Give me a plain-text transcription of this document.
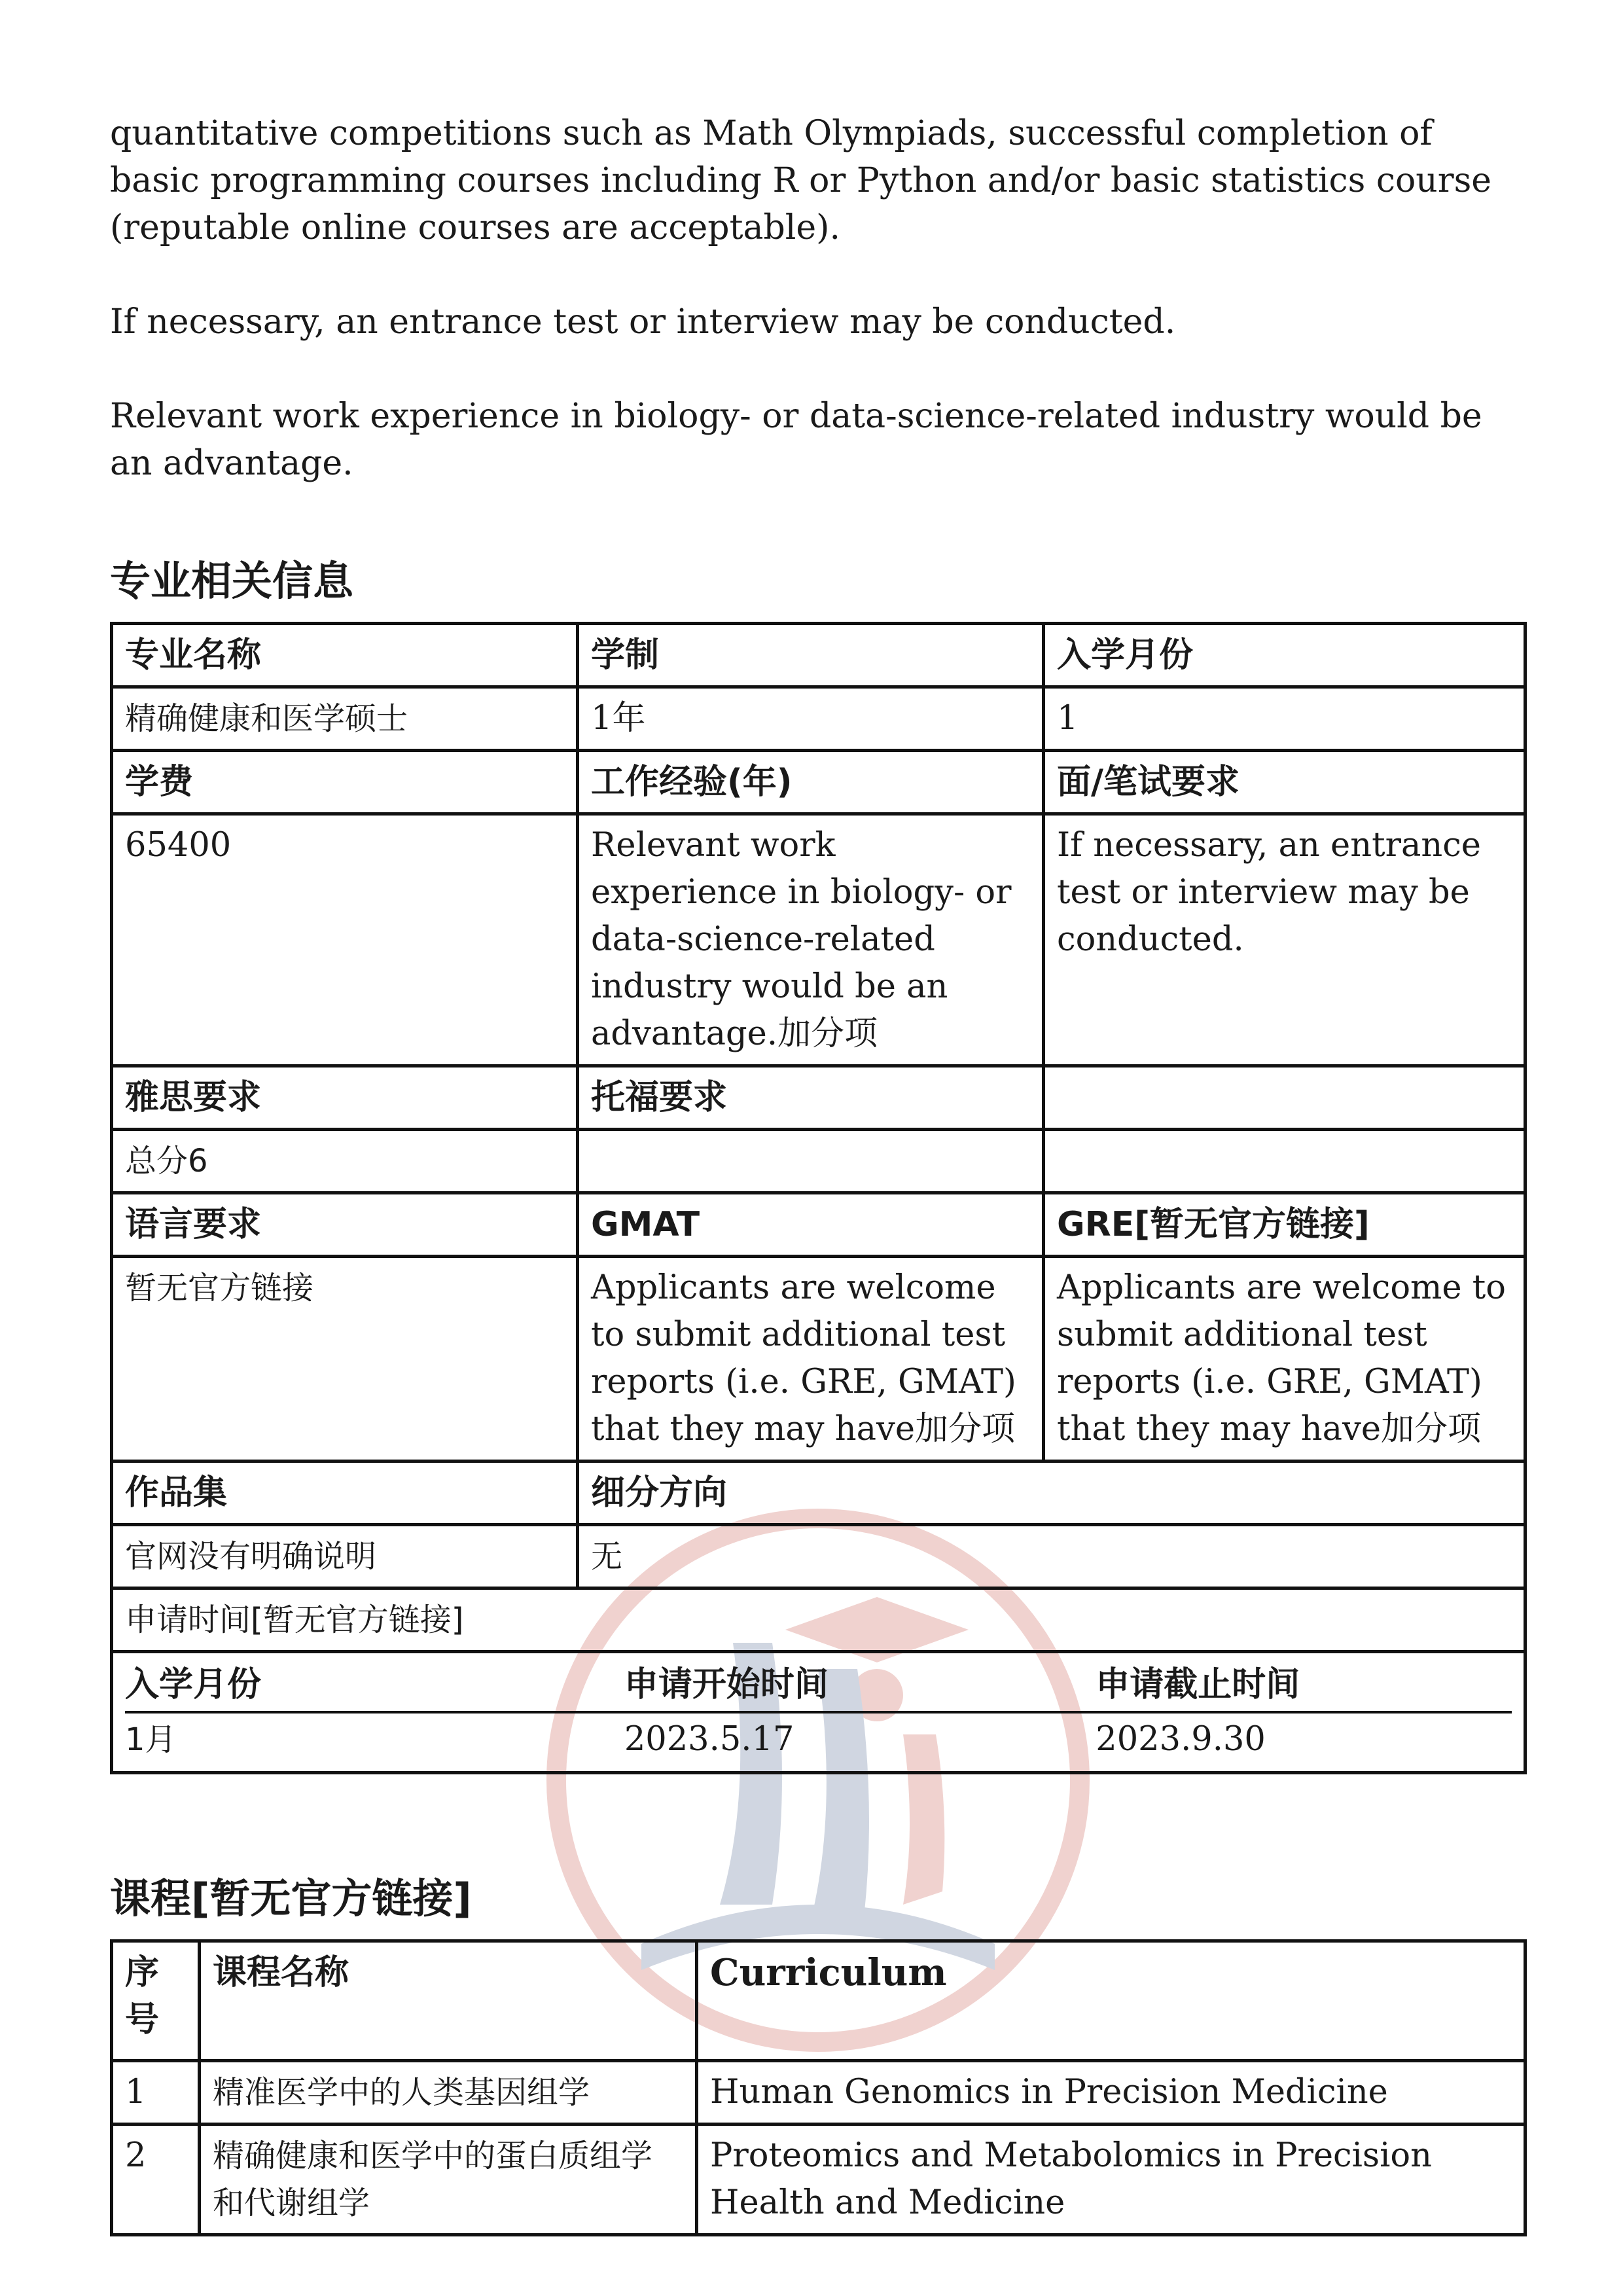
quantitative competitions such as Math Olympiads, successful completion of basic programming courses including R or Python and/or basic statistics course (reputable online courses are acceptable).

If necessary, an entrance test or interview may be conducted.

Relevant work experience in biology- or data-science-related industry would be an advantage.

专业相关信息
专业名称	学制	入学月份
精确健康和医学硕士	1年	1
学费	工作经验(年)	面/笔试要求
65400	Relevant work experience in biology- or data-science-related industry would be an advantage.加分项	If necessary, an entrance test or interview may be conducted.
雅思要求	托福要求	
总分6		
语言要求	GMAT	GRE[暂无官方链接]
暂无官方链接	Applicants are welcome to submit additional test reports (i.e. GRE, GMAT) that they may have加分项	Applicants are welcome to submit additional test reports (i.e. GRE, GMAT) that they may have加分项
作品集	细分方向
官网没有明确说明	无
申请时间[暂无官方链接]

入学月份	申请开始时间	申请截止时间
1月	2023.5.17	2023.9.30
课程[暂无官方链接]
序号	课程名称	Curriculum
1	精准医学中的人类基因组学	Human Genomics in Precision Medicine
2	精确健康和医学中的蛋白质组学和代谢组学	Proteomics and Metabolomics in Precision Health and Medicine
